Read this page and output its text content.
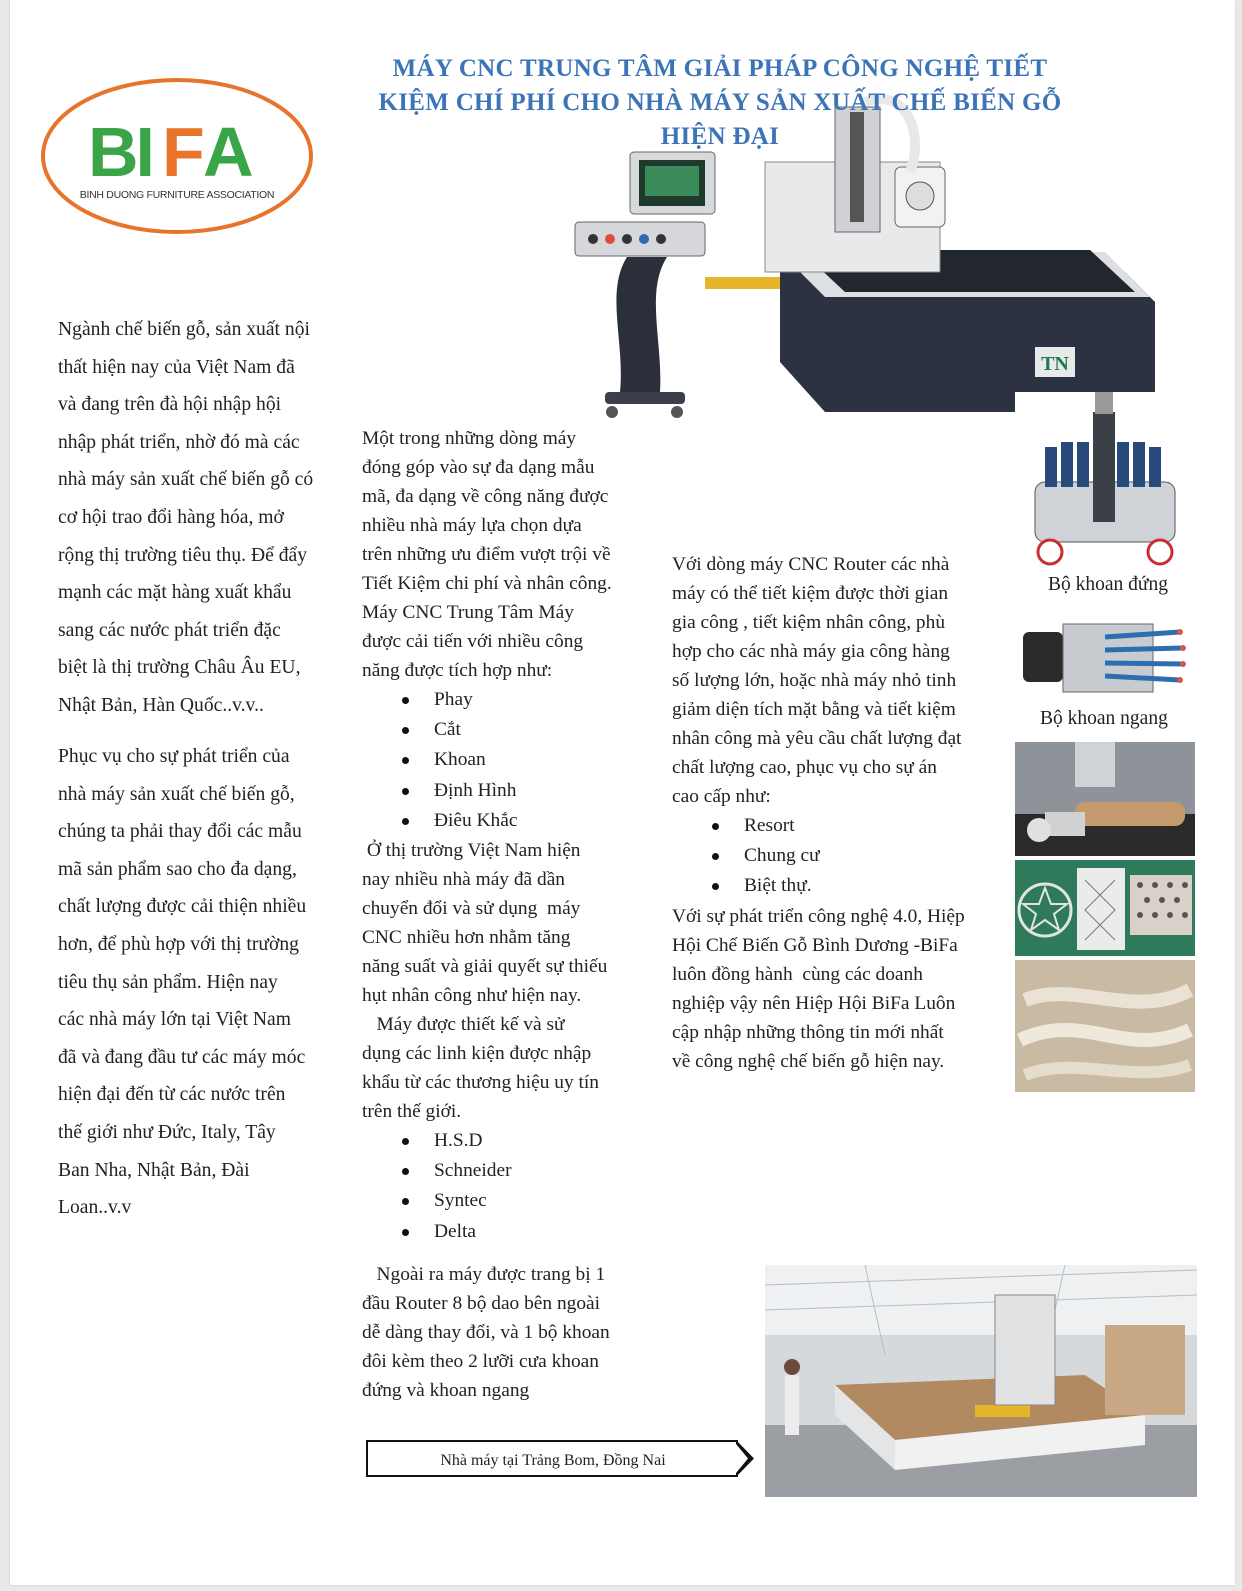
BI F A
BINH DUONG FURNITURE ASSOCIATION
MÁY CNC TRUNG TÂM GIẢI PHÁP CÔNG NGHỆ TIẾT
KIỆM CHÍ PHÍ CHO NHÀ MÁY SẢN XUẤT CHẾ BIẾN GỖ
HIỆN ĐẠI
TN
Ngành chế biến gỗ, sản xuất nội
thất hiện nay của Việt Nam đã
và đang trên đà hội nhập hội
nhập phát triển, nhờ đó mà các
nhà máy sản xuất chế biến gỗ có
cơ hội trao đổi hàng hóa, mở
rộng thị trường tiêu thụ. Để đẩy
mạnh các mặt hàng xuất khẩu
sang các nước phát triển đặc
biệt là thị trường Châu Âu EU,
Nhật Bản, Hàn Quốc..v.v..
Phục vụ cho sự phát triển của
nhà máy sản xuất chế biến gỗ,
chúng ta phải thay đổi các mẫu
mã sản phẩm sao cho đa dạng,
chất lượng được cải thiện nhiều
hơn, để phù hợp với thị trường
tiêu thụ sản phẩm. Hiện nay
các nhà máy lớn tại Việt Nam
đã và đang đầu tư các máy móc
hiện đại đến từ các nước trên
thế giới như Đức, Italy, Tây
Ban Nha, Nhật Bản, Đài
Loan..v.v
Một trong những dòng máy
đóng góp vào sự đa dạng mẫu
mã, đa dạng về công năng được
nhiều nhà máy lựa chọn dựa
trên những ưu điểm vượt trội về
Tiết Kiệm chi phí và nhân công.
Máy CNC Trung Tâm Máy
được cải tiến với nhiều công
năng được tích hợp như:
Phay
Cắt
Khoan
Định Hình
Điêu Khắc
Ở thị trường Việt Nam hiện
nay nhiều nhà máy đã dần
chuyển đổi và sử dụng  máy
CNC nhiều hơn nhằm tăng
năng suất và giải quyết sự thiếu
hụt nhân công như hiện nay.
Máy được thiết kế và sử
dụng các linh kiện được nhập
khẩu từ các thương hiệu uy tín
trên thế giới.
H.S.D
Schneider
Syntec
Delta
Ngoài ra máy được trang bị 1
đầu Router 8 bộ dao bên ngoài
dễ dàng thay đổi, và 1 bộ khoan
đôi kèm theo 2 lưỡi cưa khoan
đứng và khoan ngang
Với dòng máy CNC Router các nhà
máy có thể tiết kiệm được thời gian
gia công , tiết kiệm nhân công, phù
hợp cho các nhà máy gia công hàng
số lượng lớn, hoặc nhà máy nhỏ tinh
giảm diện tích mặt bằng và tiết kiệm
nhân công mà yêu cầu chất lượng đạt
chất lượng cao, phục vụ cho sự án
cao cấp như:
Resort
Chung cư
Biệt thự.
Với sự phát triển công nghệ 4.0, Hiệp
Hội Chế Biến Gỗ Bình Dương -BiFa
luôn đồng hành  cùng các doanh
nghiệp vậy nên Hiệp Hội BiFa Luôn
cập nhập những thông tin mới nhất
về công nghệ chế biến gỗ hiện nay.
Bộ khoan đứng
Bộ khoan ngang
Nhà máy tại Trảng Bom, Đồng Nai
